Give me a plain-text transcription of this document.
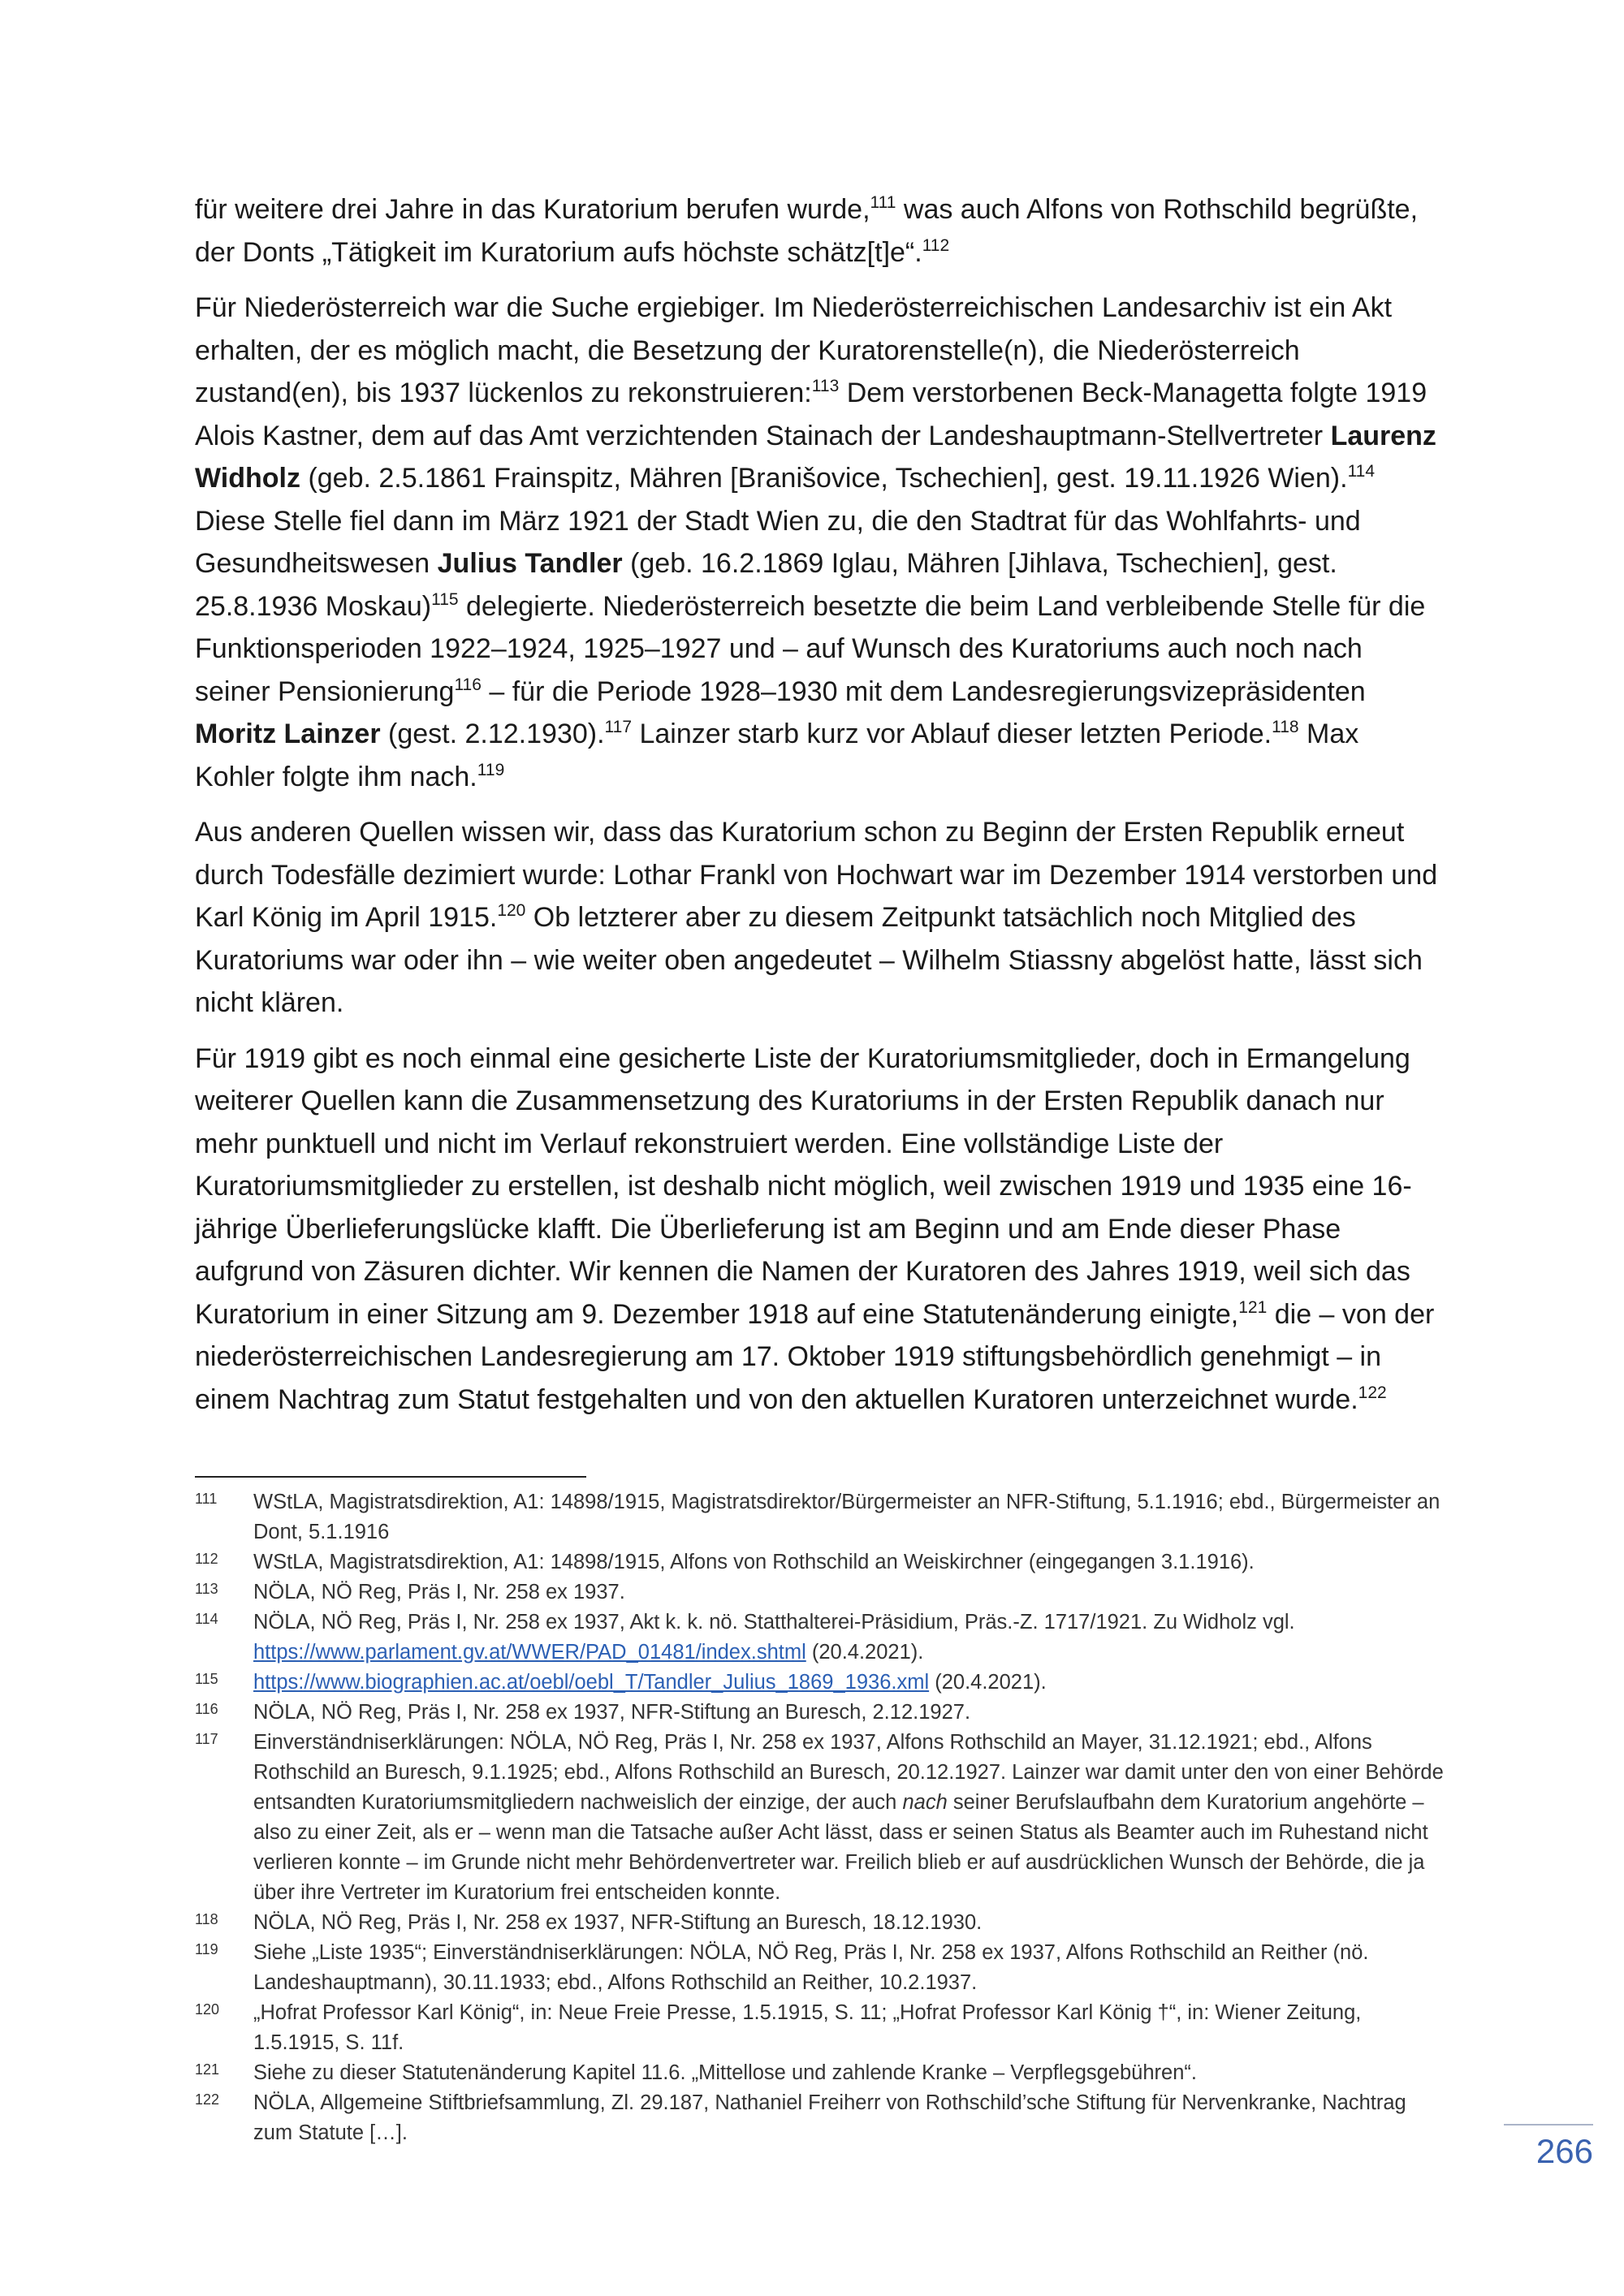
für weitere drei Jahre in das Kuratorium berufen wurde,$^{111}$ was auch Alfons von Rothschild begrüßte, der Donts „Tätigkeit im Kuratorium aufs höchste schätz[t]e“.$^{112}$

Für Niederösterreich war die Suche ergiebiger. Im Niederösterreichischen Landesarchiv ist ein Akt erhalten, der es möglich macht, die Besetzung der Kuratorenstelle(n), die Niederösterreich zustand(en), bis 1937 lückenlos zu rekonstruieren:$^{113}$ Dem verstorbenen Beck-Managetta folgte 1919 Alois Kastner, dem auf das Amt verzichtenden Stainach der Landeshauptmann-Stellvertreter Laurenz Widholz (geb. 2.5.1861 Frainspitz, Mähren [Branišovice, Tschechien], gest. 19.11.1926 Wien).$^{114}$ Diese Stelle fiel dann im März 1921 der Stadt Wien zu, die den Stadtrat für das Wohlfahrts- und Gesundheitswesen Julius Tandler (geb. 16.2.1869 Iglau, Mähren [Jihlava, Tschechien], gest. 25.8.1936 Moskau)$^{115}$ delegierte. Niederösterreich besetzte die beim Land verbleibende Stelle für die Funktionsperioden 1922–1924, 1925–1927 und – auf Wunsch des Kuratoriums auch noch nach seiner Pensionierung$^{116}$ – für die Periode 1928–1930 mit dem Landesregierungsvizepräsidenten Moritz Lainzer (gest. 2.12.1930).$^{117}$ Lainzer starb kurz vor Ablauf dieser letzten Periode.$^{118}$ Max Kohler folgte ihm nach.$^{119}$

Aus anderen Quellen wissen wir, dass das Kuratorium schon zu Beginn der Ersten Republik erneut durch Todesfälle dezimiert wurde: Lothar Frankl von Hochwart war im Dezember 1914 verstorben und Karl König im April 1915.$^{120}$ Ob letzterer aber zu diesem Zeitpunkt tatsächlich noch Mitglied des Kuratoriums war oder ihn – wie weiter oben angedeutet – Wilhelm Stiassny abgelöst hatte, lässt sich nicht klären.

Für 1919 gibt es noch einmal eine gesicherte Liste der Kuratoriumsmitglieder, doch in Ermangelung weiterer Quellen kann die Zusammensetzung des Kuratoriums in der Ersten Republik danach nur mehr punktuell und nicht im Verlauf rekonstruiert werden. Eine vollständige Liste der Kuratoriumsmitglieder zu erstellen, ist deshalb nicht möglich, weil zwischen 1919 und 1935 eine 16-jährige Überlieferungslücke klafft. Die Überlieferung ist am Beginn und am Ende dieser Phase aufgrund von Zäsuren dichter. Wir kennen die Namen der Kuratoren des Jahres 1919, weil sich das Kuratorium in einer Sitzung am 9. Dezember 1918 auf eine Statutenänderung einigte,$^{121}$ die – von der niederösterreichischen Landesregierung am 17. Oktober 1919 stiftungsbehördlich genehmigt – in einem Nachtrag zum Statut festgehalten und von den aktuellen Kuratoren unterzeichnet wurde.$^{122}$

111	WStLA, Magistratsdirektion, A1: 14898/1915, Magistratsdirektor/Bürgermeister an NFR-Stiftung, 5.1.1916; ebd., Bürgermeister an Dont, 5.1.1916
112	WStLA, Magistratsdirektion, A1: 14898/1915, Alfons von Rothschild an Weiskirchner (eingegangen 3.1.1916).
113	NÖLA, NÖ Reg, Präs I, Nr. 258 ex 1937.
114	NÖLA, NÖ Reg, Präs I, Nr. 258 ex 1937, Akt k. k. nö. Statthalterei-Präsidium, Präs.-Z. 1717/1921. Zu Widholz vgl. https://www.parlament.gv.at/WWER/PAD_01481/index.shtml (20.4.2021).
115	https://www.biographien.ac.at/oebl/oebl_T/Tandler_Julius_1869_1936.xml (20.4.2021).
116	NÖLA, NÖ Reg, Präs I, Nr. 258 ex 1937, NFR-Stiftung an Buresch, 2.12.1927.
117	Einverständniserklärungen: NÖLA, NÖ Reg, Präs I, Nr. 258 ex 1937, Alfons Rothschild an Mayer, 31.12.1921; ebd., Alfons Rothschild an Buresch, 9.1.1925; ebd., Alfons Rothschild an Buresch, 20.12.1927. Lainzer war damit unter den von einer Behörde entsandten Kuratoriumsmitgliedern nachweislich der einzige, der auch nach seiner Berufslaufbahn dem Kuratorium angehörte – also zu einer Zeit, als er – wenn man die Tatsache außer Acht lässt, dass er seinen Status als Beamter auch im Ruhestand nicht verlieren konnte – im Grunde nicht mehr Behördenvertreter war. Freilich blieb er auf ausdrücklichen Wunsch der Behörde, die ja über ihre Vertreter im Kuratorium frei entscheiden konnte.
118	NÖLA, NÖ Reg, Präs I, Nr. 258 ex 1937, NFR-Stiftung an Buresch, 18.12.1930.
119	Siehe „Liste 1935“; Einverständniserklärungen: NÖLA, NÖ Reg, Präs I, Nr. 258 ex 1937, Alfons Rothschild an Reither (nö. Landeshauptmann), 30.11.1933; ebd., Alfons Rothschild an Reither, 10.2.1937.
120	„Hofrat Professor Karl König“, in: Neue Freie Presse, 1.5.1915, S. 11; „Hofrat Professor Karl König †“, in: Wiener Zeitung, 1.5.1915, S. 11f.
121	Siehe zu dieser Statutenänderung Kapitel 11.6. „Mittellose und zahlende Kranke – Verpflegsgebühren“.
122	NÖLA, Allgemeine Stiftbriefsammlung, Zl. 29.187, Nathaniel Freiherr von Rothschild’sche Stiftung für Nervenkranke, Nachtrag zum Statute […].	266
